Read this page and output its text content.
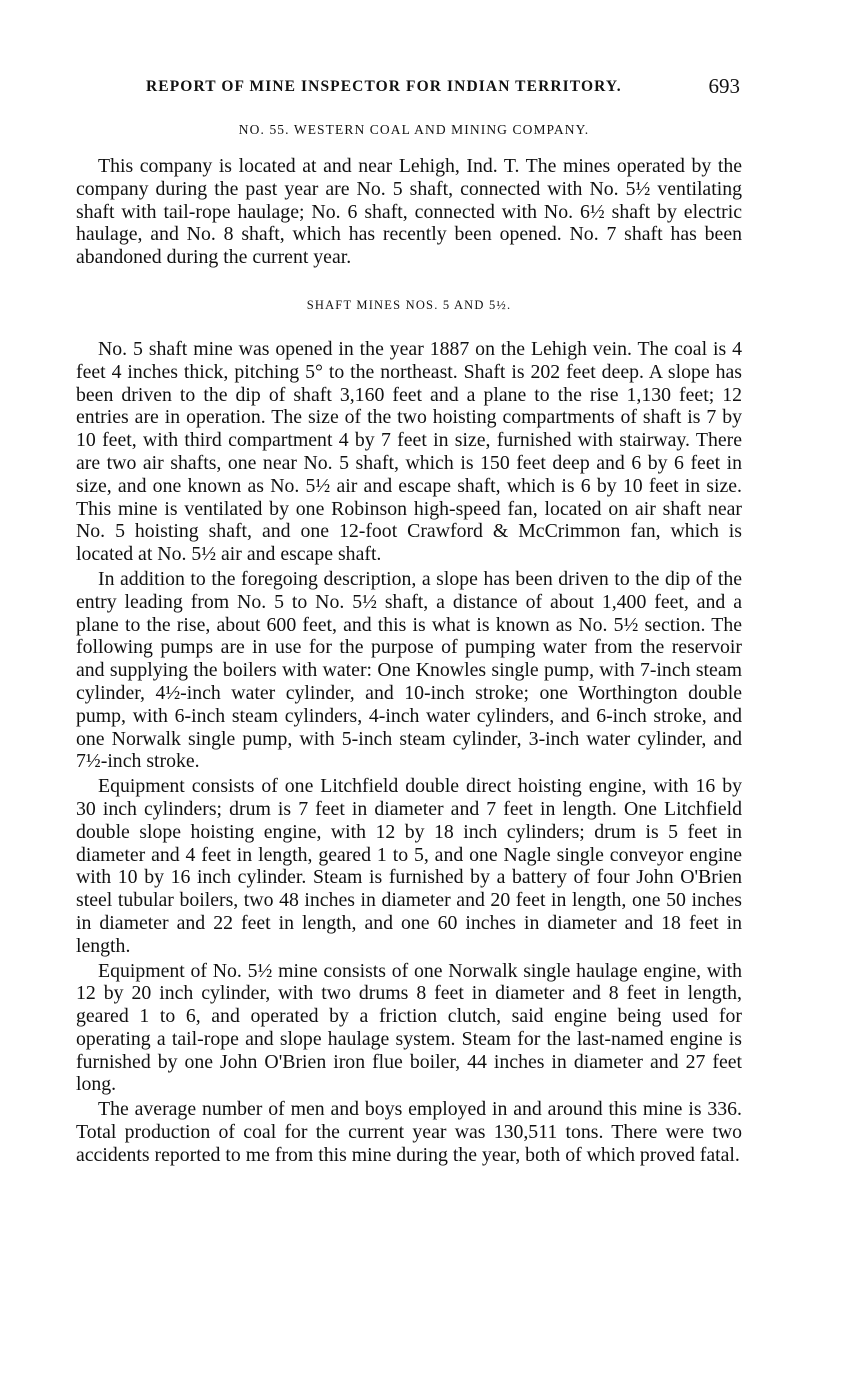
REPORT OF MINE INSPECTOR FOR INDIAN TERRITORY.	693
NO. 55. WESTERN COAL AND MINING COMPANY.

This company is located at and near Lehigh, Ind. T. The mines operated by the company during the past year are No. 5 shaft, connected with No. 5½ ventilating shaft with tail-rope haulage; No. 6 shaft, connected with No. 6½ shaft by electric haulage, and No. 8 shaft, which has recently been opened. No. 7 shaft has been abandoned during the current year.

SHAFT MINES NOS. 5 AND 5½.

No. 5 shaft mine was opened in the year 1887 on the Lehigh vein. The coal is 4 feet 4 inches thick, pitching 5° to the northeast. Shaft is 202 feet deep. A slope has been driven to the dip of shaft 3,160 feet and a plane to the rise 1,130 feet; 12 entries are in operation. The size of the two hoisting compartments of shaft is 7 by 10 feet, with third compartment 4 by 7 feet in size, furnished with stairway. There are two air shafts, one near No. 5 shaft, which is 150 feet deep and 6 by 6 feet in size, and one known as No. 5½ air and escape shaft, which is 6 by 10 feet in size. This mine is ventilated by one Robinson high-speed fan, located on air shaft near No. 5 hoisting shaft, and one 12-foot Crawford & McCrimmon fan, which is located at No. 5½ air and escape shaft.

In addition to the foregoing description, a slope has been driven to the dip of the entry leading from No. 5 to No. 5½ shaft, a distance of about 1,400 feet, and a plane to the rise, about 600 feet, and this is what is known as No. 5½ section. The following pumps are in use for the purpose of pumping water from the reservoir and supplying the boilers with water: One Knowles single pump, with 7-inch steam cylinder, 4½-inch water cylinder, and 10-inch stroke; one Worthington double pump, with 6-inch steam cylinders, 4-inch water cylinders, and 6-inch stroke, and one Norwalk single pump, with 5-inch steam cylinder, 3-inch water cylinder, and 7½-inch stroke.

Equipment consists of one Litchfield double direct hoisting engine, with 16 by 30 inch cylinders; drum is 7 feet in diameter and 7 feet in length. One Litchfield double slope hoisting engine, with 12 by 18 inch cylinders; drum is 5 feet in diameter and 4 feet in length, geared 1 to 5, and one Nagle single conveyor engine with 10 by 16 inch cylinder. Steam is furnished by a battery of four John O'Brien steel tubular boilers, two 48 inches in diameter and 20 feet in length, one 50 inches in diameter and 22 feet in length, and one 60 inches in diameter and 18 feet in length.

Equipment of No. 5½ mine consists of one Norwalk single haulage engine, with 12 by 20 inch cylinder, with two drums 8 feet in diameter and 8 feet in length, geared 1 to 6, and operated by a friction clutch, said engine being used for operating a tail-rope and slope haulage system. Steam for the last-named engine is furnished by one John O'Brien iron flue boiler, 44 inches in diameter and 27 feet long.

The average number of men and boys employed in and around this mine is 336. Total production of coal for the current year was 130,511 tons. There were two accidents reported to me from this mine during the year, both of which proved fatal.
